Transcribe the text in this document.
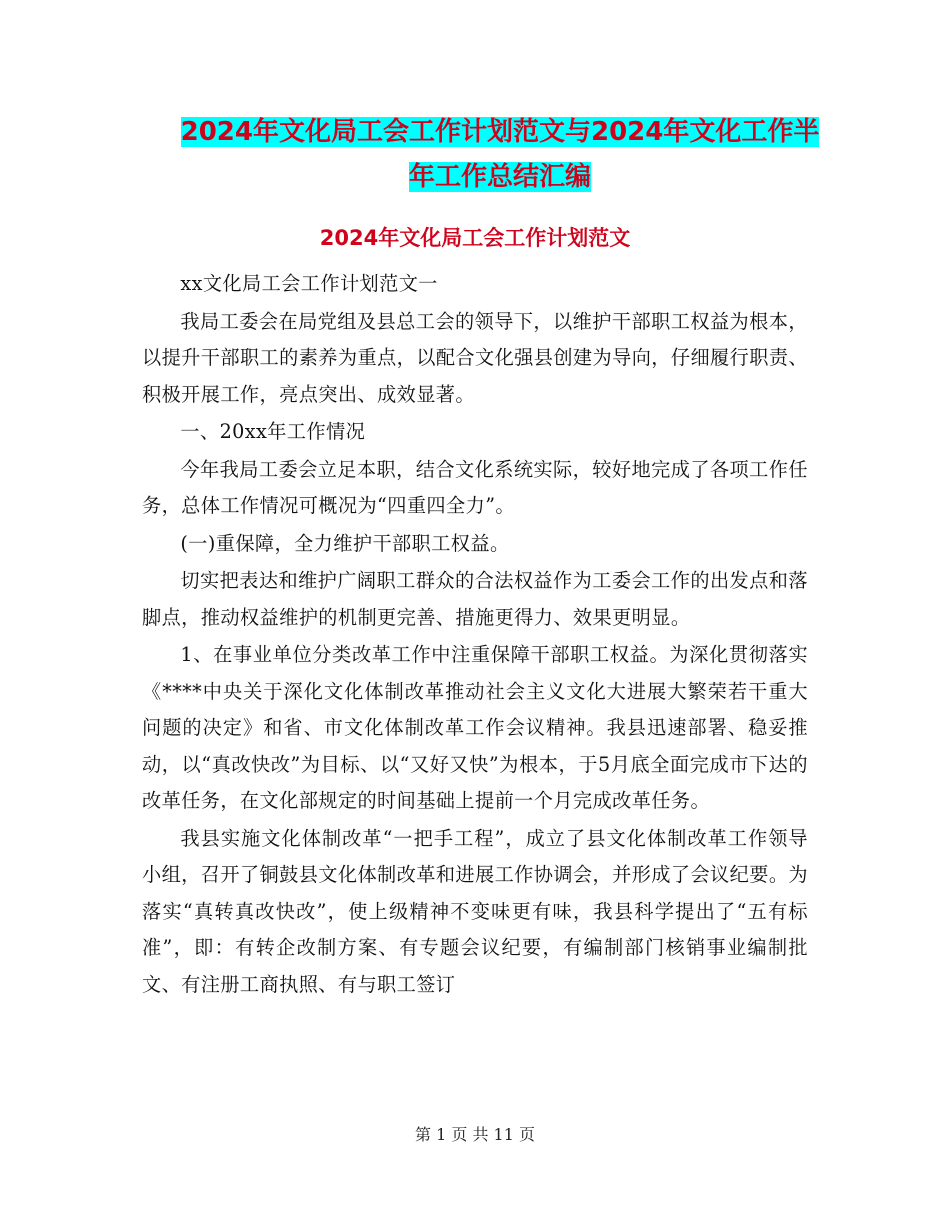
2024年文化局工会工作计划范文与2024年文化工作半
年工作总结汇编
2024年文化局工会工作计划范文

xx文化局工会工作计划范文一

我局工委会在局党组及县总工会的领导下，以维护干部职工权益为根本，以提升干部职工的素养为重点，以配合文化强县创建为导向，仔细履行职责、积极开展工作，亮点突出、成效显著。

一、20xx年工作情况

今年我局工委会立足本职，结合文化系统实际，较好地完成了各项工作任务，总体工作情况可概况为“四重四全力”。

(一)重保障，全力维护干部职工权益。

切实把表达和维护广阔职工群众的合法权益作为工委会工作的出发点和落脚点，推动权益维护的机制更完善、措施更得力、效果更明显。

1、在事业单位分类改革工作中注重保障干部职工权益。为深化贯彻落实《****中央关于深化文化体制改革推动社会主义文化大进展大繁荣若干重大问题的决定》和省、市文化体制改革工作会议精神。我县迅速部署、稳妥推动，以“真改快改”为目标、以“又好又快”为根本，于5月底全面完成市下达的改革任务，在文化部规定的时间基础上提前一个月完成改革任务。

我县实施文化体制改革“一把手工程”，成立了县文化体制改革工作领导小组，召开了铜鼓县文化体制改革和进展工作协调会，并形成了会议纪要。为落实“真转真改快改”，使上级精神不变味更有味，我县科学提出了“五有标准”，即：有转企改制方案、有专题会议纪要，有编制部门核销事业编制批文、有注册工商执照、有与职工签订

第 1 页 共 11 页
